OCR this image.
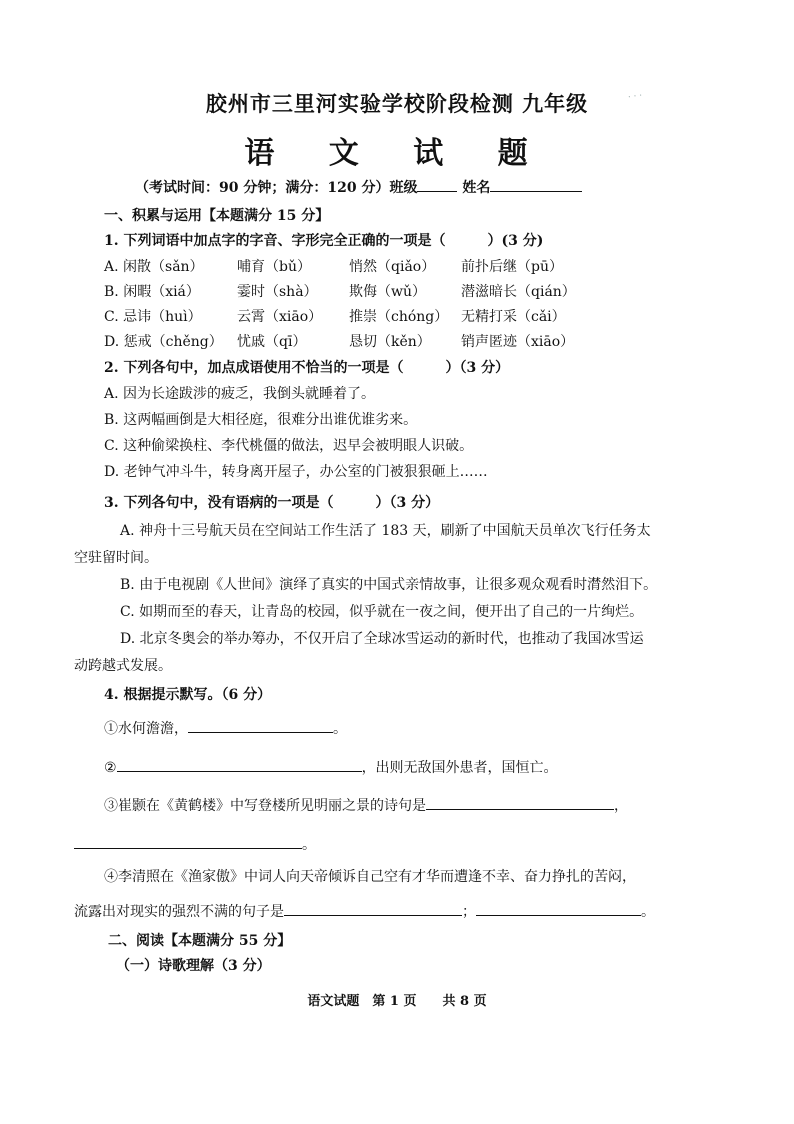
· · ·
胶州市三里河实验学校阶段检测 九年级
语 文 试 题
（考试时间：90 分钟；满分：120 分）班级	姓名
一、积累与运用【本题满分 15 分】
1. 下列词语中加点字的字音、字形完全正确的一项是（　　　）(3 分)
A. 闲散（sǎn） 哺育（bǔ）	悄然（qiǎo） 前扑后继（pū）
B. 闲暇（xiá）	霎时（shà） 欺侮（wǔ）	潜滋暗长（qián）
C. 忌讳（huì）	云霄（xiāo） 推崇（chóng） 无精打采（cǎi）
D. 惩戒（chěng） 忧戚（qī）	恳切（kěn） 销声匿迹（xiāo）
2. 下列各句中，加点成语使用不恰当的一项是（　　　）（3 分）
A. 因为长途跋涉的疲乏，我倒头就睡着了。
B. 这两幅画倒是大相径庭，很难分出谁优谁劣来。
C. 这种偷梁换柱、李代桃僵的做法，迟早会被明眼人识破。
D. 老钟气冲斗牛，转身离开屋子，办公室的门被狠狠砸上……
3. 下列各句中，没有语病的一项是（　　　）（3 分）
A. 神舟十三号航天员在空间站工作生活了 183 天，刷新了中国航天员单次飞行任务太
空驻留时间。
B. 由于电视剧《人世间》演绎了真实的中国式亲情故事，让很多观众观看时潸然泪下。
C. 如期而至的春天，让青岛的校园，似乎就在一夜之间，便开出了自己的一片绚烂。
D. 北京冬奥会的举办筹办，不仅开启了全球冰雪运动的新时代，也推动了我国冰雪运
动跨越式发展。
4. 根据提示默写。（6 分）
①水何澹澹，	。
②	，出则无敌国外患者，国恒亡。
③崔颢在《黄鹤楼》中写登楼所见明丽之景的诗句是	，
。
④李清照在《渔家傲》中词人向天帝倾诉自己空有才华而遭逢不幸、奋力挣扎的苦闷，
流露出对现实的强烈不满的句子是	；	。
二、阅读【本题满分 55 分】
（一）诗歌理解（3 分）
语文试题　第 1 页　　共 8 页
